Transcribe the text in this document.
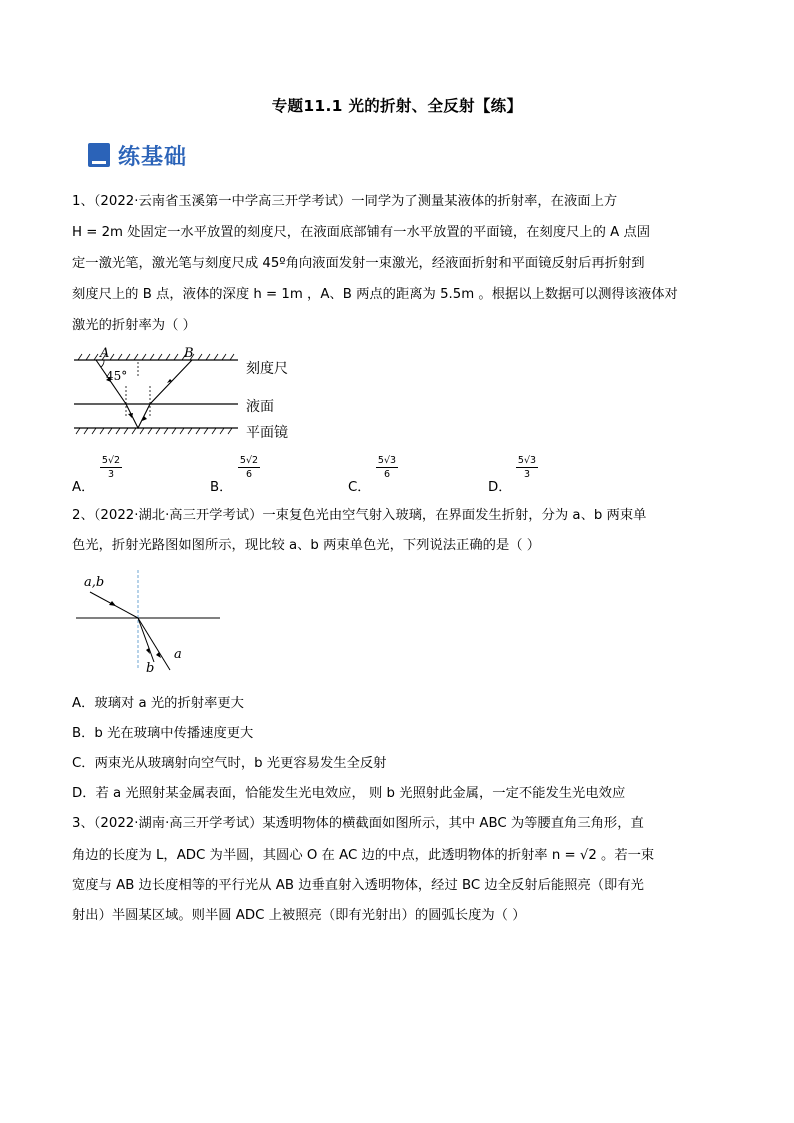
专题11.1 光的折射、全反射【练】
练基础
1、（2022·云南省玉溪第一中学高三开学考试）一同学为了测量某液体的折射率，在液面上方
H = 2m 处固定一水平放置的刻度尺，在液面底部铺有一水平放置的平面镜，在刻度尺上的 A 点固
定一激光笔，激光笔与刻度尺成 45º角向液面发射一束激光，经液面折射和平面镜反射后再折射到
刻度尺上的 B 点，液体的深度 h = 1m ，A、B 两点的距离为 5.5m 。根据以上数据可以测得该液体对
激光的折射率为（ ）
A	B
45°	刻度尺
液面
平面镜
A．
5√2
3
B．
5√2
6
C．
5√3
6
D．
5√3
3
2、（2022·湖北·高三开学考试）一束复色光由空气射入玻璃，在界面发生折射，分为 a、b 两束单
色光，折射光路图如图所示，现比较 a、b 两束单色光，下列说法正确的是（ ）
a,b
a
b
A．玻璃对 a 光的折射率更大
B．b 光在玻璃中传播速度更大
C．两束光从玻璃射向空气时，b 光更容易发生全反射
D．若 a 光照射某金属表面，恰能发生光电效应， 则 b 光照射此金属，一定不能发生光电效应
3、（2022·湖南·高三开学考试）某透明物体的横截面如图所示，其中 ABC 为等腰直角三角形，直
角边的长度为 L，ADC 为半圆，其圆心 O 在 AC 边的中点，此透明物体的折射率 n = √2 。若一束
宽度与 AB 边长度相等的平行光从 AB 边垂直射入透明物体，经过 BC 边全反射后能照亮（即有光
射出）半圆某区域。则半圆 ADC 上被照亮（即有光射出）的圆弧长度为（ ）
